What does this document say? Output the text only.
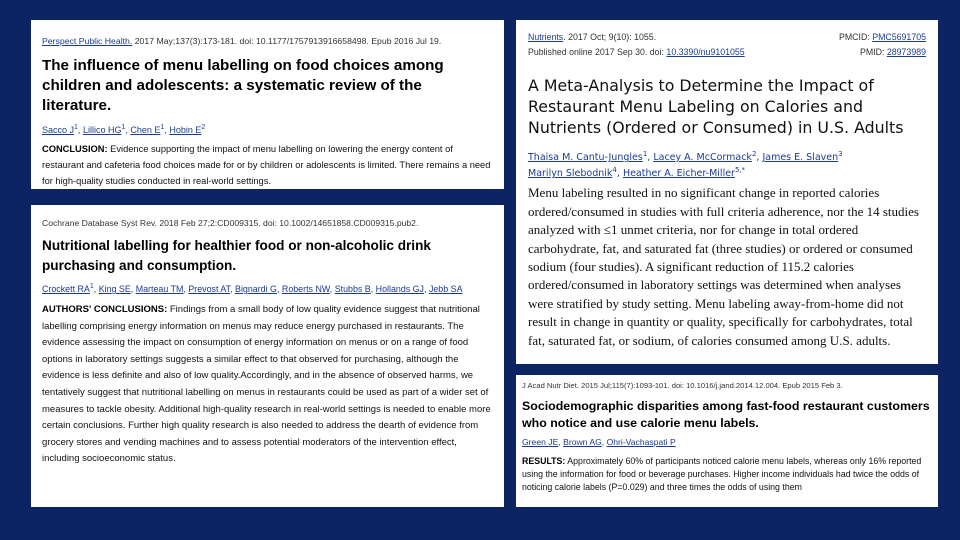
Perspect Public Health. 2017 May;137(3):173-181. doi: 10.1177/1757913916658498. Epub 2016 Jul 19.
The influence of menu labelling on food choices among children and adolescents: a systematic review of the literature.
Sacco $J^1$, Lillico $HG^1$, Chen $E^1$, Hobin $E^2$
CONCLUSION: Evidence supporting the impact of menu labelling on lowering the energy content of restaurant and cafeteria food choices made for or by children or adolescents is limited. There remains a need for high-quality studies conducted in real-world settings.
Cochrane Database Syst Rev. 2018 Feb 27;2:CD009315. doi: 10.1002/14651858.CD009315.pub2.
Nutritional labelling for healthier food or non-alcoholic drink purchasing and consumption.
Crockett $RA^1$, King SE, Marteau TM, Prevost AT, Bignardi G, Roberts NW, Stubbs B, Hollands GJ, Jebb SA
AUTHORS' CONCLUSIONS: Findings from a small body of low quality evidence suggest that nutritional labelling comprising energy information on menus may reduce energy purchased in restaurants. The evidence assessing the impact on consumption of energy information on menus or on a range of food options in laboratory settings suggests a similar effect to that observed for purchasing, although the evidence is less definite and also of low quality.Accordingly, and in the absence of observed harms, we tentatively suggest that nutritional labelling on menus in restaurants could be used as part of a wider set of measures to tackle obesity. Additional high-quality research in real-world settings is needed to enable more certain conclusions. Further high quality research is also needed to address the dearth of evidence from grocery stores and vending machines and to assess potential moderators of the intervention effect, including socioeconomic status.
Nutrients. 2017 Oct; 9(10): 1055.	PMCID: PMC5691705
Published online 2017 Sep 30. doi: 10.3390/nu9101055	PMID: 28973989
A Meta-Analysis to Determine the Impact of Restaurant Menu Labeling on Calories and Nutrients (Ordered or Consumed) in U.S. Adults
Thaisa M. Cantu-Jungles$^1$, Lacey A. McCormack$^2$, James E. Slaven$^3$
Marilyn Slebodnik$^4$, Heather A. Eicher-Miller$^{5,*}$
Menu labeling resulted in no significant change in reported calories ordered/consumed in studies with full criteria adherence, nor the 14 studies analyzed with ≤1 unmet criteria, nor for change in total ordered carbohydrate, fat, and saturated fat (three studies) or ordered or consumed sodium (four studies). A significant reduction of 115.2 calories ordered/consumed in laboratory settings was determined when analyses were stratified by study setting. Menu labeling away-from-home did not result in change in quantity or quality, specifically for carbohydrates, total fat, saturated fat, or sodium, of calories consumed among U.S. adults.
J Acad Nutr Diet. 2015 Jul;115(7):1093-101. doi: 10.1016/j.jand.2014.12.004. Epub 2015 Feb 3.
Sociodemographic disparities among fast-food restaurant customers who notice and use calorie menu labels.
Green JE, Brown AG, Ohri-Vachaspati P
RESULTS: Approximately 60% of participants noticed calorie menu labels, whereas only 16% reported using the information for food or beverage purchases. Higher income individuals had twice the odds of noticing calorie labels (P=0.029) and three times the odds of using them
